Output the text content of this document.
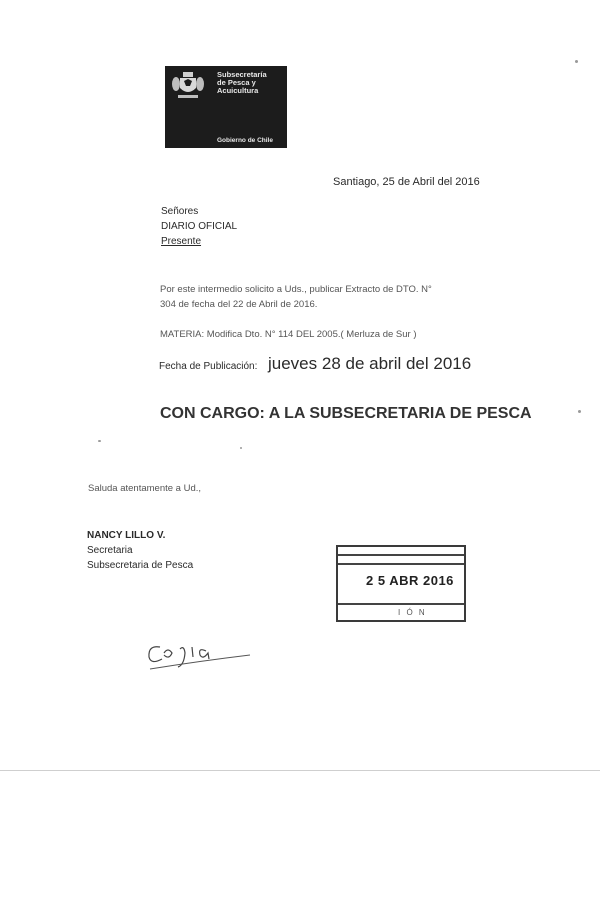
Subsecretaría
de Pesca y
Acuicultura
Gobierno de Chile
Santiago, 25 de Abril del 2016
Señores
DIARIO OFICIAL
Presente
Por este intermedio solicito a Uds., publicar Extracto de DTO. N°
304 de fecha del 22 de Abril de 2016.
MATERIA: Modifica Dto. N° 114 DEL 2005.( Merluza de Sur )
Fecha de Publicación: jueves 28 de abril del 2016
CON CARGO: A LA SUBSECRETARIA DE PESCA
Saluda atentamente a Ud.,
NANCY LILLO V.
Secretaria
Subsecretaria de Pesca
2 5 ABR 2016
I Ó N
